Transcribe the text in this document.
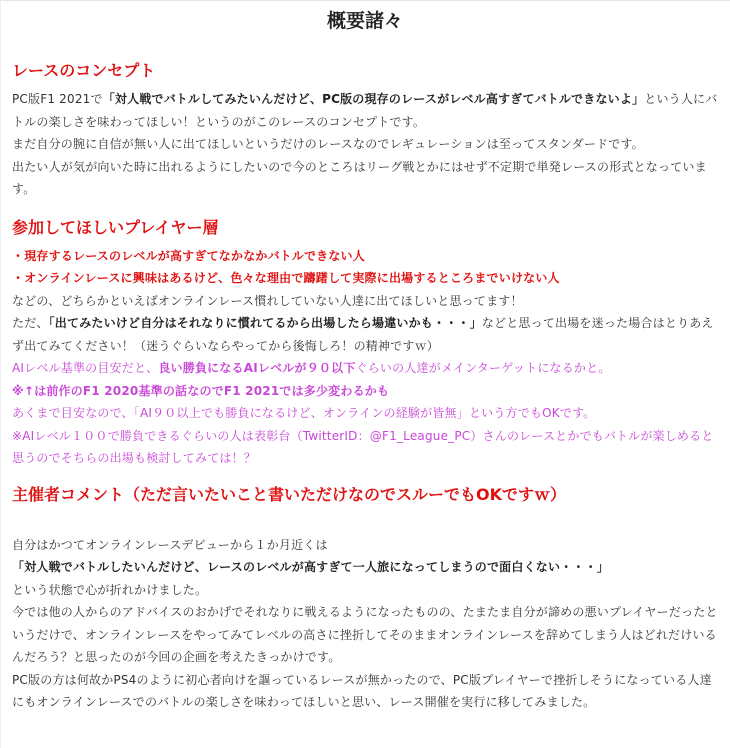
概要諸々
レースのコンセプト

PC版F1 2021で「対人戦でバトルしてみたいんだけど、PC版の現存のレースがレベル高すぎてバトルできないよ」という人にバトルの楽しさを味わってほしい！というのがこのレースのコンセプトです。

まだ自分の腕に自信が無い人に出てほしいというだけのレースなのでレギュレーションは至ってスタンダードです。

出たい人が気が向いた時に出れるようにしたいので今のところはリーグ戦とかにはせず不定期で単発レースの形式となっています。

参加してほしいプレイヤー層

・現存するレースのレベルが高すぎてなかなかバトルできない人

・オンラインレースに興味はあるけど、色々な理由で躊躇して実際に出場するところまでいけない人

などの、どちらかといえばオンラインレース慣れしていない人達に出てほしいと思ってます！

ただ、「出てみたいけど自分はそれなりに慣れてるから出場したら場違いかも・・・」などと思って出場を迷った場合はとりあえず出てみてください！（迷うぐらいならやってから後悔しろ！の精神ですｗ）

AIレベル基準の目安だと、良い勝負になるAIレベルが９０以下ぐらいの人達がメインターゲットになるかと。

※↑は前作のF1 2020基準の話なのでF1 2021では多少変わるかも

あくまで目安なので、「AI９０以上でも勝負になるけど、オンラインの経験が皆無」という方でもOKです。

※AIレベル１００で勝負できるぐらいの人は表彰台（TwitterID：@F1_League_PC）さんのレースとかでもバトルが楽しめると思うのでそちらの出場も検討してみては！？

主催者コメント（ただ言いたいこと書いただけなのでスルーでもOKですｗ）

自分はかつてオンラインレースデビューから１か月近くは

「対人戦でバトルしたいんだけど、レースのレベルが高すぎて一人旅になってしまうので面白くない・・・」

という状態で心が折れかけました。

今では他の人からのアドバイスのおかげでそれなりに戦えるようになったものの、たまたま自分が諦めの悪いプレイヤーだったというだけで、オンラインレースをやってみてレベルの高さに挫折してそのままオンラインレースを辞めてしまう人はどれだけいるんだろう？と思ったのが今回の企画を考えたきっかけです。

PC版の方は何故かPS4のように初心者向けを謳っているレースが無かったので、PC版プレイヤーで挫折しそうになっている人達にもオンラインレースでのバトルの楽しさを味わってほしいと思い、レース開催を実行に移してみました。
